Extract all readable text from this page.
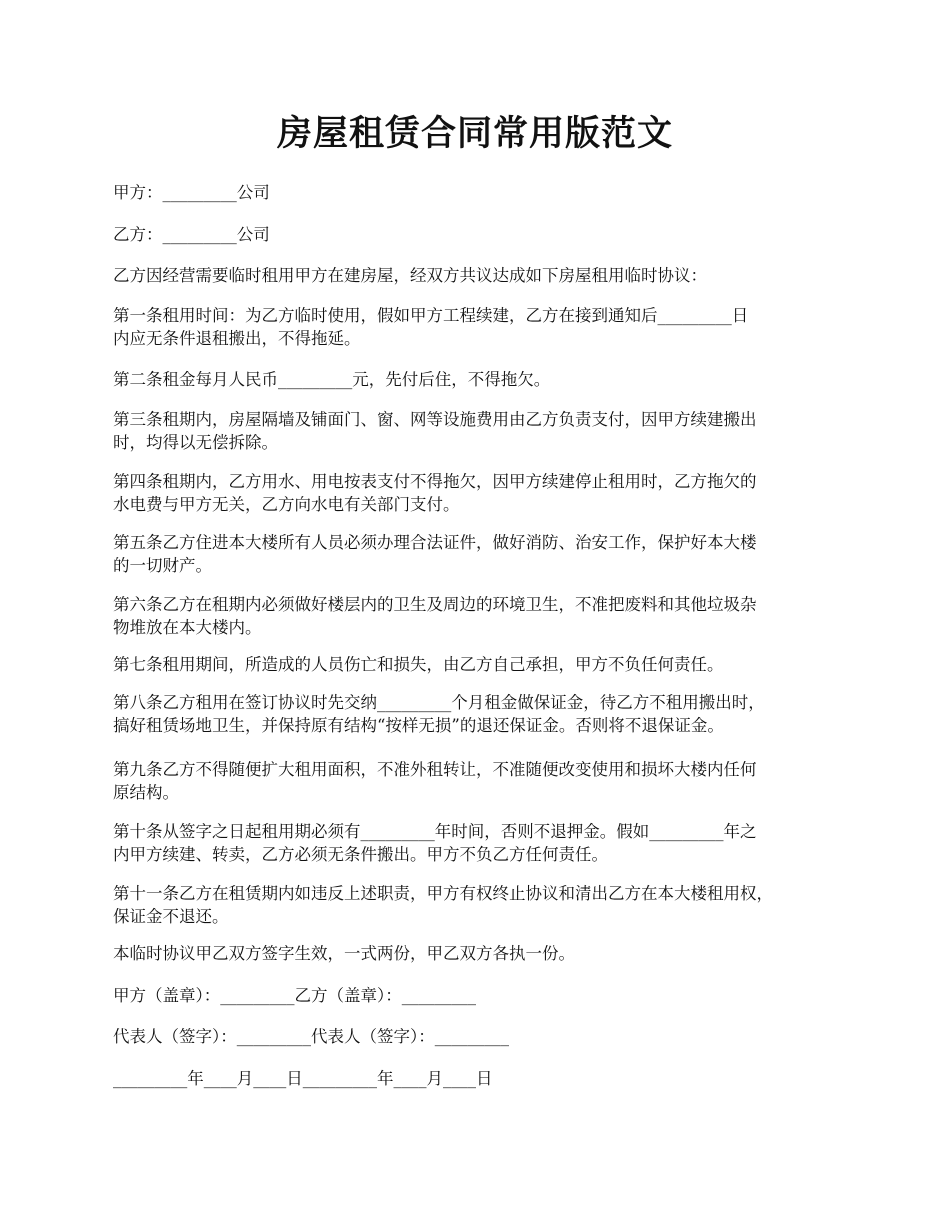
房屋租赁合同常用版范文

甲方：_________公司

乙方：_________公司

乙方因经营需要临时租用甲方在建房屋，经双方共议达成如下房屋租用临时协议：

第一条租用时间：为乙方临时使用，假如甲方工程续建，乙方在接到通知后_________日
内应无条件退租搬出，不得拖延。

第二条租金每月人民币_________元，先付后住，不得拖欠。

第三条租期内，房屋隔墙及铺面门、窗、网等设施费用由乙方负责支付，因甲方续建搬出
时，均得以无偿拆除。

第四条租期内，乙方用水、用电按表支付不得拖欠，因甲方续建停止租用时，乙方拖欠的
水电费与甲方无关，乙方向水电有关部门支付。

第五条乙方住进本大楼所有人员必须办理合法证件，做好消防、治安工作，保护好本大楼
的一切财产。

第六条乙方在租期内必须做好楼层内的卫生及周边的环境卫生，不准把废料和其他垃圾杂
物堆放在本大楼内。

第七条租用期间，所造成的人员伤亡和损失，由乙方自己承担，甲方不负任何责任。

第八条乙方租用在签订协议时先交纳_________个月租金做保证金，待乙方不租用搬出时，
搞好租赁场地卫生，并保持原有结构“按样无损”的退还保证金。否则将不退保证金。

第九条乙方不得随便扩大租用面积，不准外租转让，不准随便改变使用和损坏大楼内任何
原结构。

第十条从签字之日起租用期必须有_________年时间，否则不退押金。假如_________年之
内甲方续建、转卖，乙方必须无条件搬出。甲方不负乙方任何责任。

第十一条乙方在租赁期内如违反上述职责，甲方有权终止协议和清出乙方在本大楼租用权，
保证金不退还。

本临时协议甲乙双方签字生效，一式两份，甲乙双方各执一份。

甲方（盖章）：_________乙方（盖章）：_________

代表人（签字）：_________代表人（签字）：_________

_________年____月____日_________年____月____日
